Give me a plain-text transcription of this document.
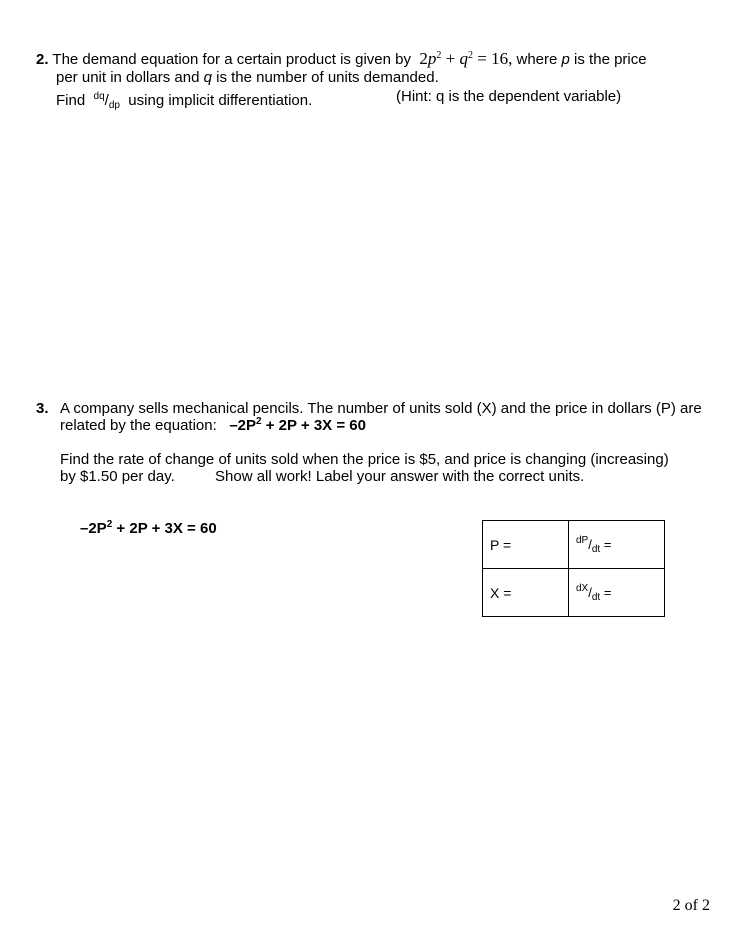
2. The demand equation for a certain product is given by $2p^2 + q^2 = 16$, where p is the price
per unit in dollars and q is the number of units demanded.
Find $^{dq}/_{dp}$ using implicit differentiation.	(Hint: q is the dependent variable)
3. A company sells mechanical pencils. The number of units sold (X) and the price in dollars (P) are
related by the equation: $-2P^2 + 2P + 3X = 60$
Find the rate of change of units sold when the price is $5, and price is changing (increasing)
by $1.50 per day.	Show all work! Label your answer with the correct units.
$-2P^2 + 2P + 3X = 60$
P =	$^{dP}/_{dt}$ =
X =	$^{dX}/_{dt}$ =
2 of 2
